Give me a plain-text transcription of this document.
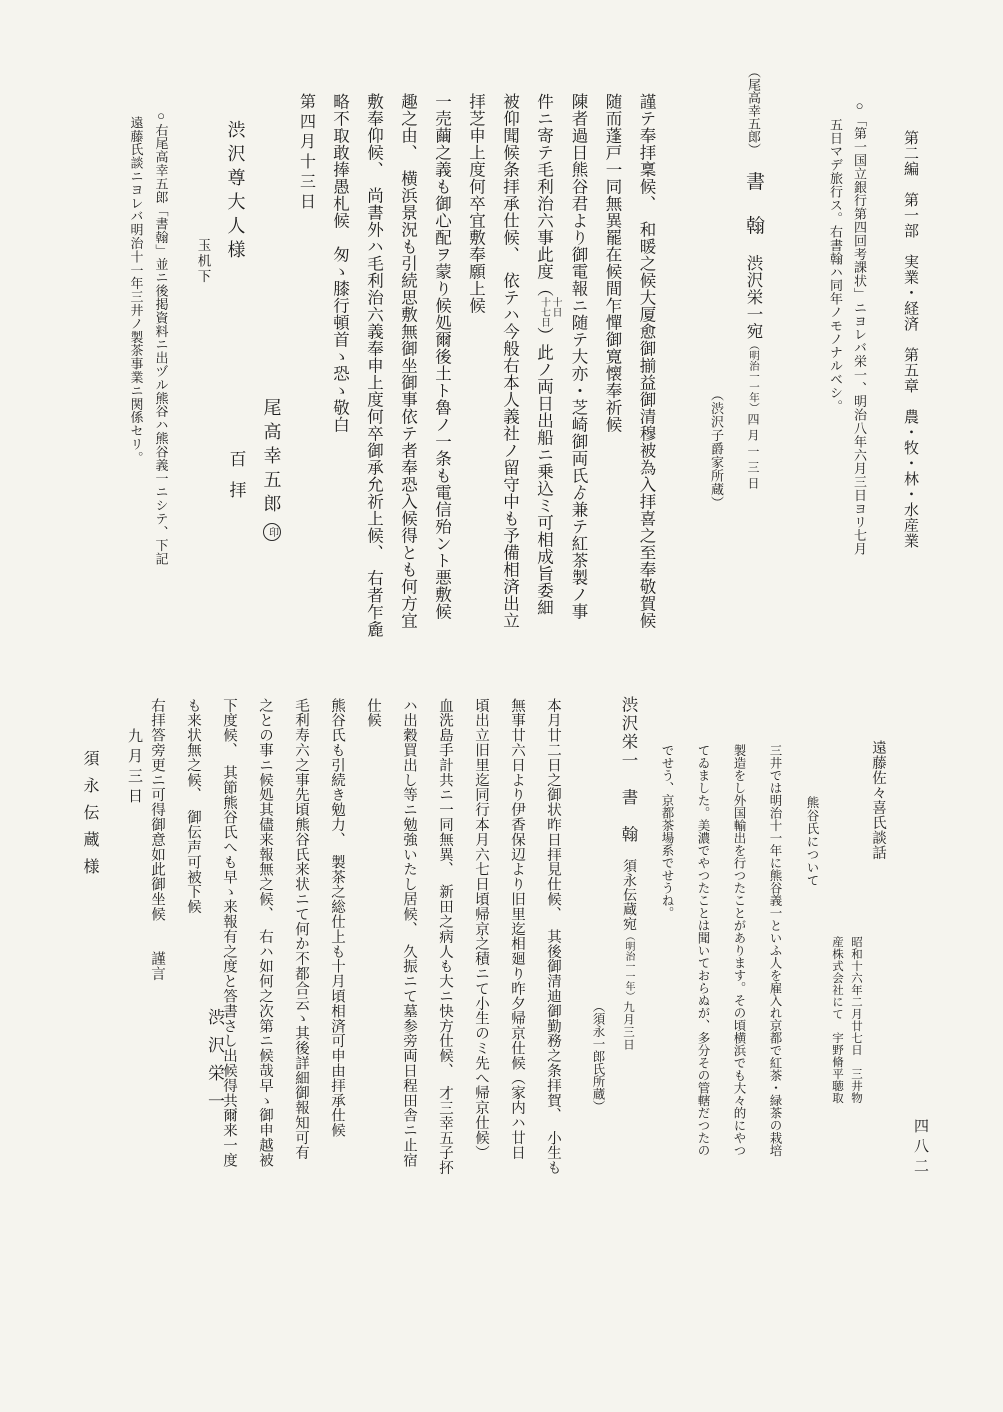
第二編　第一部　実業・経済　第五章　農・牧・林・水産業
○「第一国立銀行第四回考課状」ニヨレバ栄一、明治八年六月三日ヨリ七月
五日マデ旅行ス。右書翰ハ同年ノモノナルベシ。
（尾高幸五郎）　書　翰　渋沢栄一宛（明治一一年）四月一三日
（渋沢子爵家所蔵）
謹テ奉拝稟候、　和暖之候大厦愈御揃益御清穆被為入拝喜之至奉敬賀候
随而蓬戸一同無異罷在候間乍憚御寛懐奉祈候
陳者過日熊谷君より御電報ニ随テ大亦・芝崎御両氏ゟ兼テ紅茶製ノ事
件ニ寄テ毛利治六事此度（
十日
十七日
）此ノ両日出船ニ乗込ミ可相成旨委細
被仰聞候条拝承仕候、　依テハ今般右本人義社ノ留守中も予備相済出立
拝芝申上度何卒宜敷奉願上候
一売繭之義も御心配ヲ蒙り候処爾後土ト魯ノ一条も電信殆ント悪敷候
趣之由、　横浜景況も引続思敷無御坐御事依テ者奉恐入候得とも何方宜
敷奉仰候、　尚書外ハ毛利治六義奉申上度何卒御承允祈上候、　右者乍麁
略不取敢捧愚札候　匆ゝ膝行頓首ゝ恐ゝ敬白
第四月十三日
尾高幸五郎印
渋沢尊大人様百拝
玉机下
○右尾高幸五郎「書翰」並ニ後掲資料ニ出ヅル熊谷ハ熊谷義一ニシテ、下記
遠藤氏談ニヨレバ明治十一年三井ノ製茶事業ニ関係セリ。
遠藤佐々喜氏談話
昭和十六年二月廿七日　三井物
産株式会社にて　宇野脩平聴取
熊谷氏について
三井では明治十一年に熊谷義一といふ人を雇入れ京都で紅茶・緑茶の栽培
製造をし外国輸出を行つたことがあります。その頃横浜でも大々的にやつ
てゐました。美濃でやつたことは聞いておらぬが、多分その管轄だつたの
でせう、京都茶場系でせうね。
渋沢栄一　書　翰　須永伝蔵宛（明治一一年）九月三日
（須永一郎氏所蔵）
本月廿二日之御状昨日拝見仕候、　其後御清迪御勤務之条拝賀、　小生も
無事廿六日より伊香保辺より旧里迄相廻り昨夕帰京仕候（家内ハ廿日
頃出立旧里迄同行本月六七日頃帰京之積ニて小生のミ先へ帰京仕候）
血洗島手計共ニ一同無異、　新田之病人も大ニ快方仕候、　才三幸五子抔
ハ出穀買出し等ニ勉強いたし居候、　久振ニて墓参旁両日程田舎ニ止宿
仕候
熊谷氏も引続き勉力、　製茶之総仕上も十月頃相済可申由拝承仕候
毛利寿六之事先頃熊谷氏来状ニて何か不都合云ゝ其後詳細御報知可有
之との事ニ候処其儘来報無之候、　右ハ如何之次第ニ候哉早ゝ御申越被
下度候、　其節熊谷氏へも早ゝ来報有之度と答書さし出候得共爾来一度
も来状無之候、　御伝声可被下候
右拝答旁更ニ可得御意如此御坐候　　謹言
渋沢栄一
九月三日
須永伝蔵様
四八二
